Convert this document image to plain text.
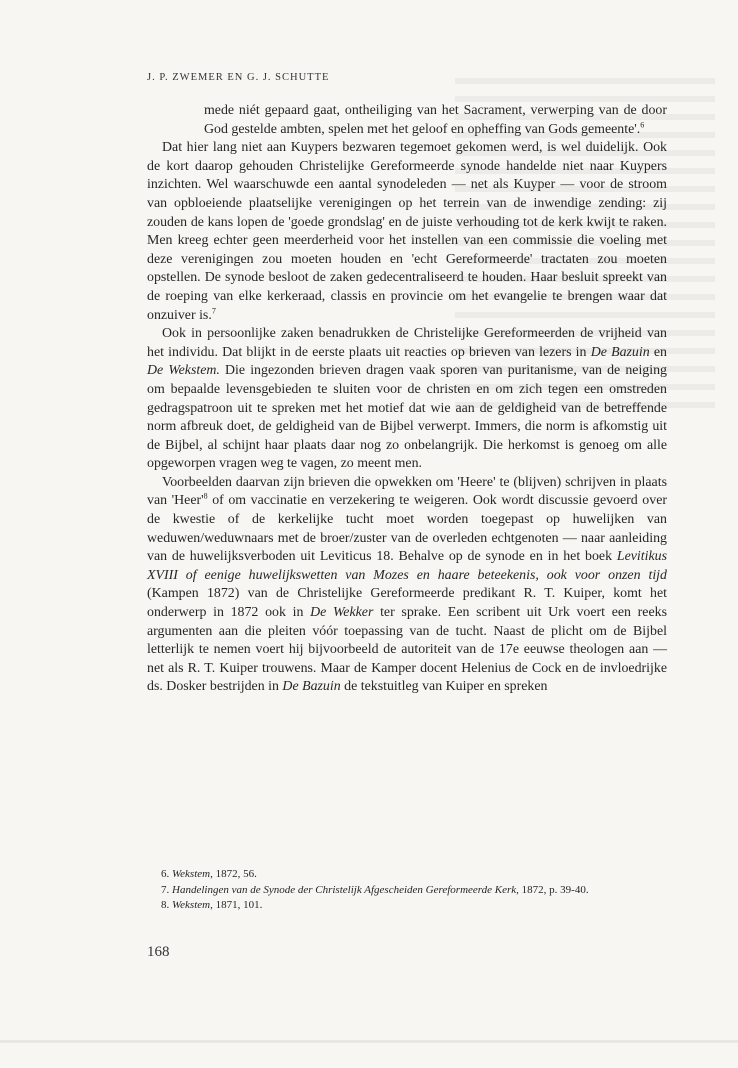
J. P. ZWEMER EN G. J. SCHUTTE

mede niét gepaard gaat, ontheiliging van het Sacrament, verwerping van de door God gestelde ambten, spelen met het geloof en opheffing van Gods gemeente'.$^6$

Dat hier lang niet aan Kuypers bezwaren tegemoet gekomen werd, is wel duidelijk. Ook de kort daarop gehouden Christelijke Gereformeerde synode handelde niet naar Kuypers inzichten. Wel waarschuwde een aantal synodeleden — net als Kuyper — voor de stroom van opbloeiende plaatselijke verenigingen op het terrein van de inwendige zending: zij zouden de kans lopen de 'goede grondslag' en de juiste verhouding tot de kerk kwijt te raken. Men kreeg echter geen meerderheid voor het instellen van een commissie die voeling met deze verenigingen zou moeten houden en 'echt Gereformeerde' tractaten zou moeten opstellen. De synode besloot de zaken gedecentraliseerd te houden. Haar besluit spreekt van de roeping van elke kerkeraad, classis en provincie om het evangelie te brengen waar dat onzuiver is.$^7$

Ook in persoonlijke zaken benadrukken de Christelijke Gereformeerden de vrijheid van het individu. Dat blijkt in de eerste plaats uit reacties op brieven van lezers in De Bazuin en De Wekstem. Die ingezonden brieven dragen vaak sporen van puritanisme, van de neiging om bepaalde levensgebieden te sluiten voor de christen en om zich tegen een omstreden gedragspatroon uit te spreken met het motief dat wie aan de geldigheid van de betreffende norm afbreuk doet, de geldigheid van de Bijbel verwerpt. Immers, die norm is afkomstig uit de Bijbel, al schijnt haar plaats daar nog zo onbelangrijk. Die herkomst is genoeg om alle opgeworpen vragen weg te vagen, zo meent men.

Voorbeelden daarvan zijn brieven die opwekken om 'Heere' te (blijven) schrijven in plaats van '$Heer'^8$ of om vaccinatie en verzekering te weigeren. Ook wordt discussie gevoerd over de kwestie of de kerkelijke tucht moet worden toegepast op huwelijken van weduwen/weduwnaars met de broer/zuster van de overleden echtgenoten — naar aanleiding van de huwelijksverboden uit Leviticus 18. Behalve op de synode en in het boek Levitikus XVIII of eenige huwelijkswetten van Mozes en haare beteekenis, ook voor onzen tijd (Kampen 1872) van de Christelijke Gereformeerde predikant R. T. Kuiper, komt het onderwerp in 1872 ook in De Wekker ter sprake. Een scribent uit Urk voert een reeks argumenten aan die pleiten vóór toepassing van de tucht. Naast de plicht om de Bijbel letterlijk te nemen voert hij bijvoorbeeld de autoriteit van de 17e eeuwse theologen aan — net als R. T. Kuiper trouwens. Maar de Kamper docent Helenius de Cock en de invloedrijke ds. Dosker bestrijden in De Bazuin de tekstuitleg van Kuiper en spreken

6. Wekstem, 1872, 56.

7. Handelingen van de Synode der Christelijk Afgescheiden Gereformeerde Kerk, 1872, p. 39-40.

8. Wekstem, 1871, 101.

168
